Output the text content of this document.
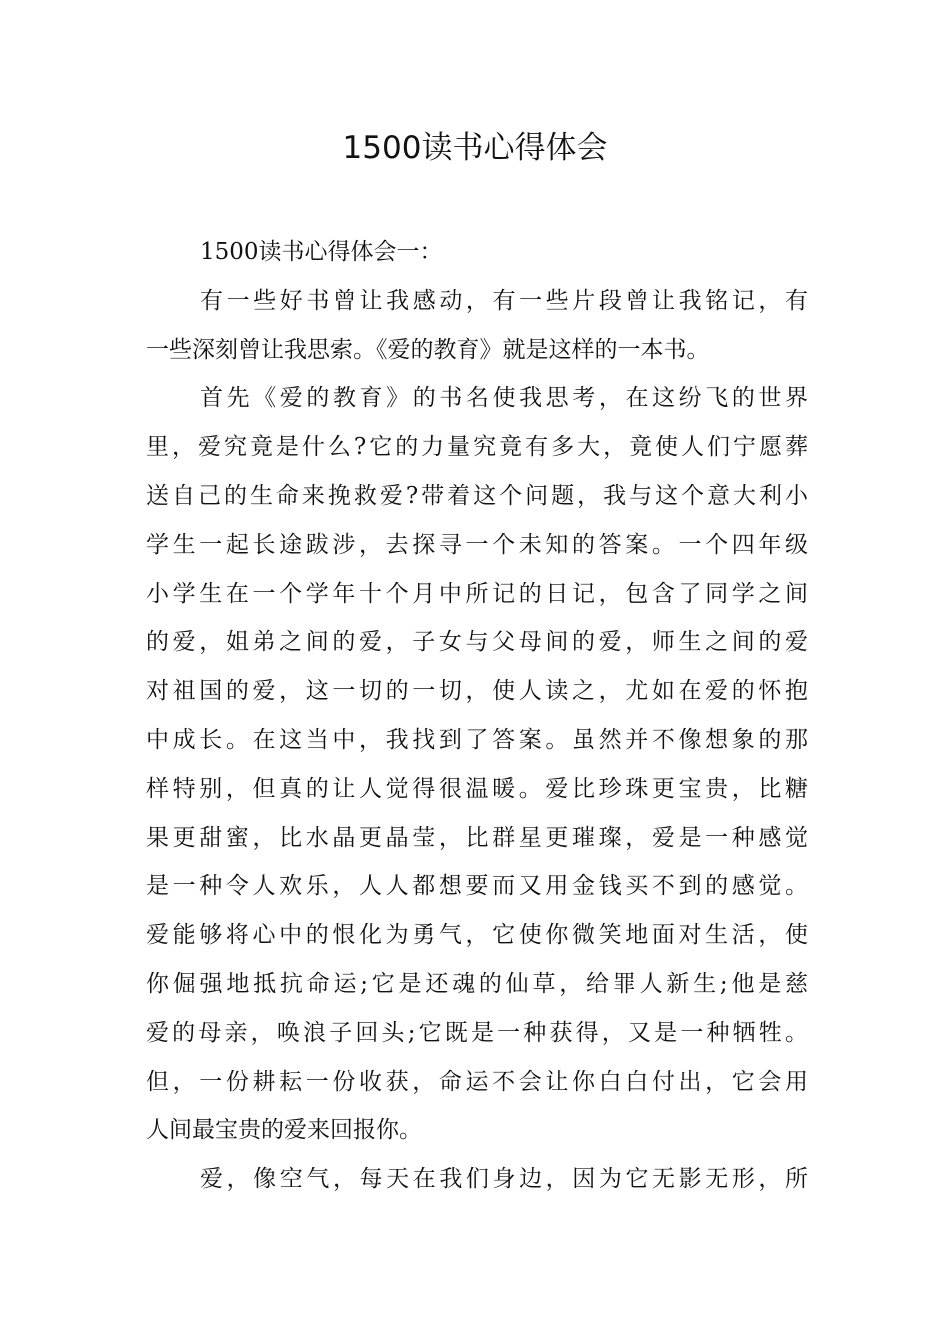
1500读书心得体会
1500读书心得体会一：

有一些好书曾让我感动，有一些片段曾让我铭记，有
一些深刻曾让我思索。《爱的教育》就是这样的一本书。

首先《爱的教育》的书名使我思考，在这纷飞的世界
里，爱究竟是什么?它的力量究竟有多大，竟使人们宁愿葬
送自己的生命来挽救爱?带着这个问题，我与这个意大利小
学生一起长途跋涉，去探寻一个未知的答案。一个四年级
小学生在一个学年十个月中所记的日记，包含了同学之间
的爱，姐弟之间的爱，子女与父母间的爱，师生之间的爱
对祖国的爱，这一切的一切，使人读之，尤如在爱的怀抱
中成长。在这当中，我找到了答案。虽然并不像想象的那
样特别，但真的让人觉得很温暖。爱比珍珠更宝贵，比糖
果更甜蜜，比水晶更晶莹，比群星更璀璨，爱是一种感觉
是一种令人欢乐，人人都想要而又用金钱买不到的感觉。
爱能够将心中的恨化为勇气，它使你微笑地面对生活，使
你倔强地抵抗命运;它是还魂的仙草，给罪人新生;他是慈
爱的母亲，唤浪子回头;它既是一种获得，又是一种牺牲。
但，一份耕耘一份收获，命运不会让你白白付出，它会用
人间最宝贵的爱来回报你。

爱，像空气，每天在我们身边，因为它无影无形，所
